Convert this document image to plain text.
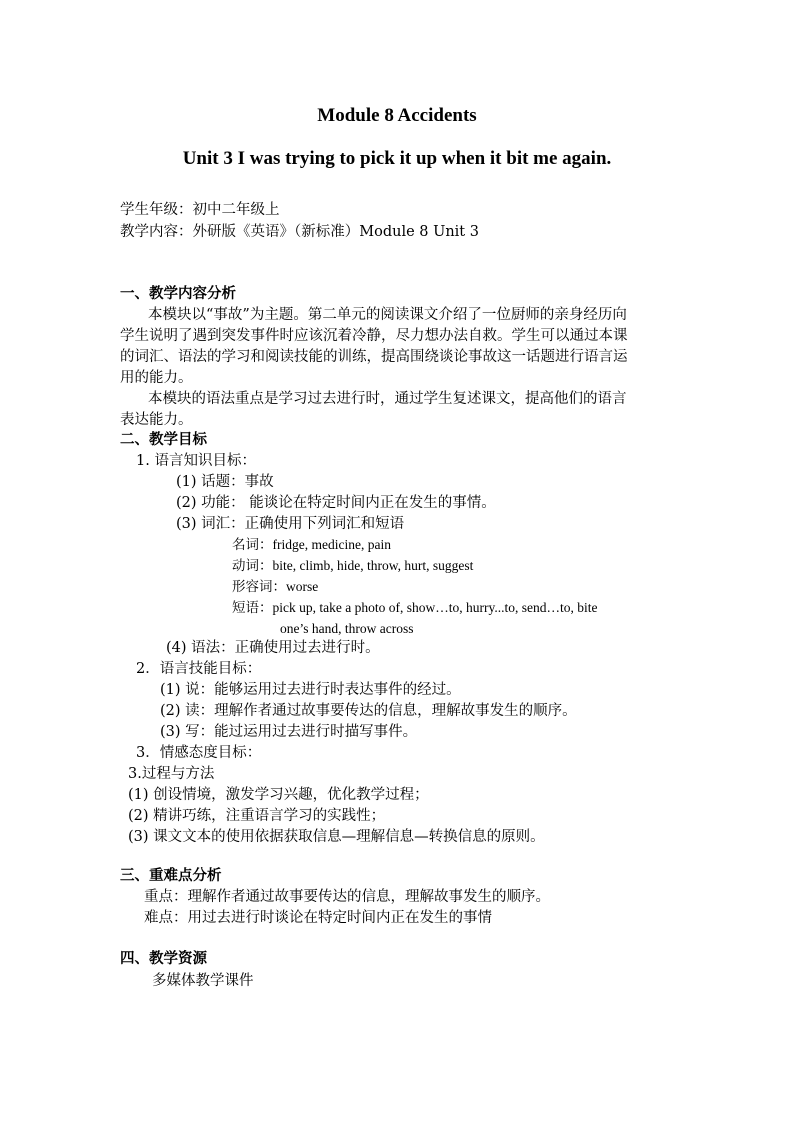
Module 8 Accidents
Unit 3 I was trying to pick it up when it bit me again.
学生年级：初中二年级上
教学内容：外研版《英语》（新标准）Module 8 Unit 3
一、教学内容分析
本模块以“事故”为主题。第二单元的阅读课文介绍了一位厨师的亲身经历向
学生说明了遇到突发事件时应该沉着冷静，尽力想办法自救。学生可以通过本课
的词汇、语法的学习和阅读技能的训练，提高围绕谈论事故这一话题进行语言运
用的能力。
本模块的语法重点是学习过去进行时，通过学生复述课文，提高他们的语言
表达能力。
二、教学目标
1. 语言知识目标：
(1) 话题：事故
(2) 功能： 能谈论在特定时间内正在发生的事情。
(3) 词汇：正确使用下列词汇和短语
名词：fridge, medicine, pain
动词：bite, climb, hide, throw, hurt, suggest
形容词：worse
短语：pick up, take a photo of, show…to, hurry...to, send…to, bite
one’s hand, throw across
(4) 语法：正确使用过去进行时。
2．语言技能目标：
(1) 说：能够运用过去进行时表达事件的经过。
(2) 读：理解作者通过故事要传达的信息，理解故事发生的顺序。
(3) 写：能过运用过去进行时描写事件。
3．情感态度目标：
3.过程与方法
(1) 创设情境，激发学习兴趣，优化教学过程；
(2) 精讲巧练，注重语言学习的实践性；
(3) 课文文本的使用依据获取信息—理解信息—转换信息的原则。
三、重难点分析
重点：理解作者通过故事要传达的信息，理解故事发生的顺序。
难点：用过去进行时谈论在特定时间内正在发生的事情
四、教学资源
多媒体教学课件
